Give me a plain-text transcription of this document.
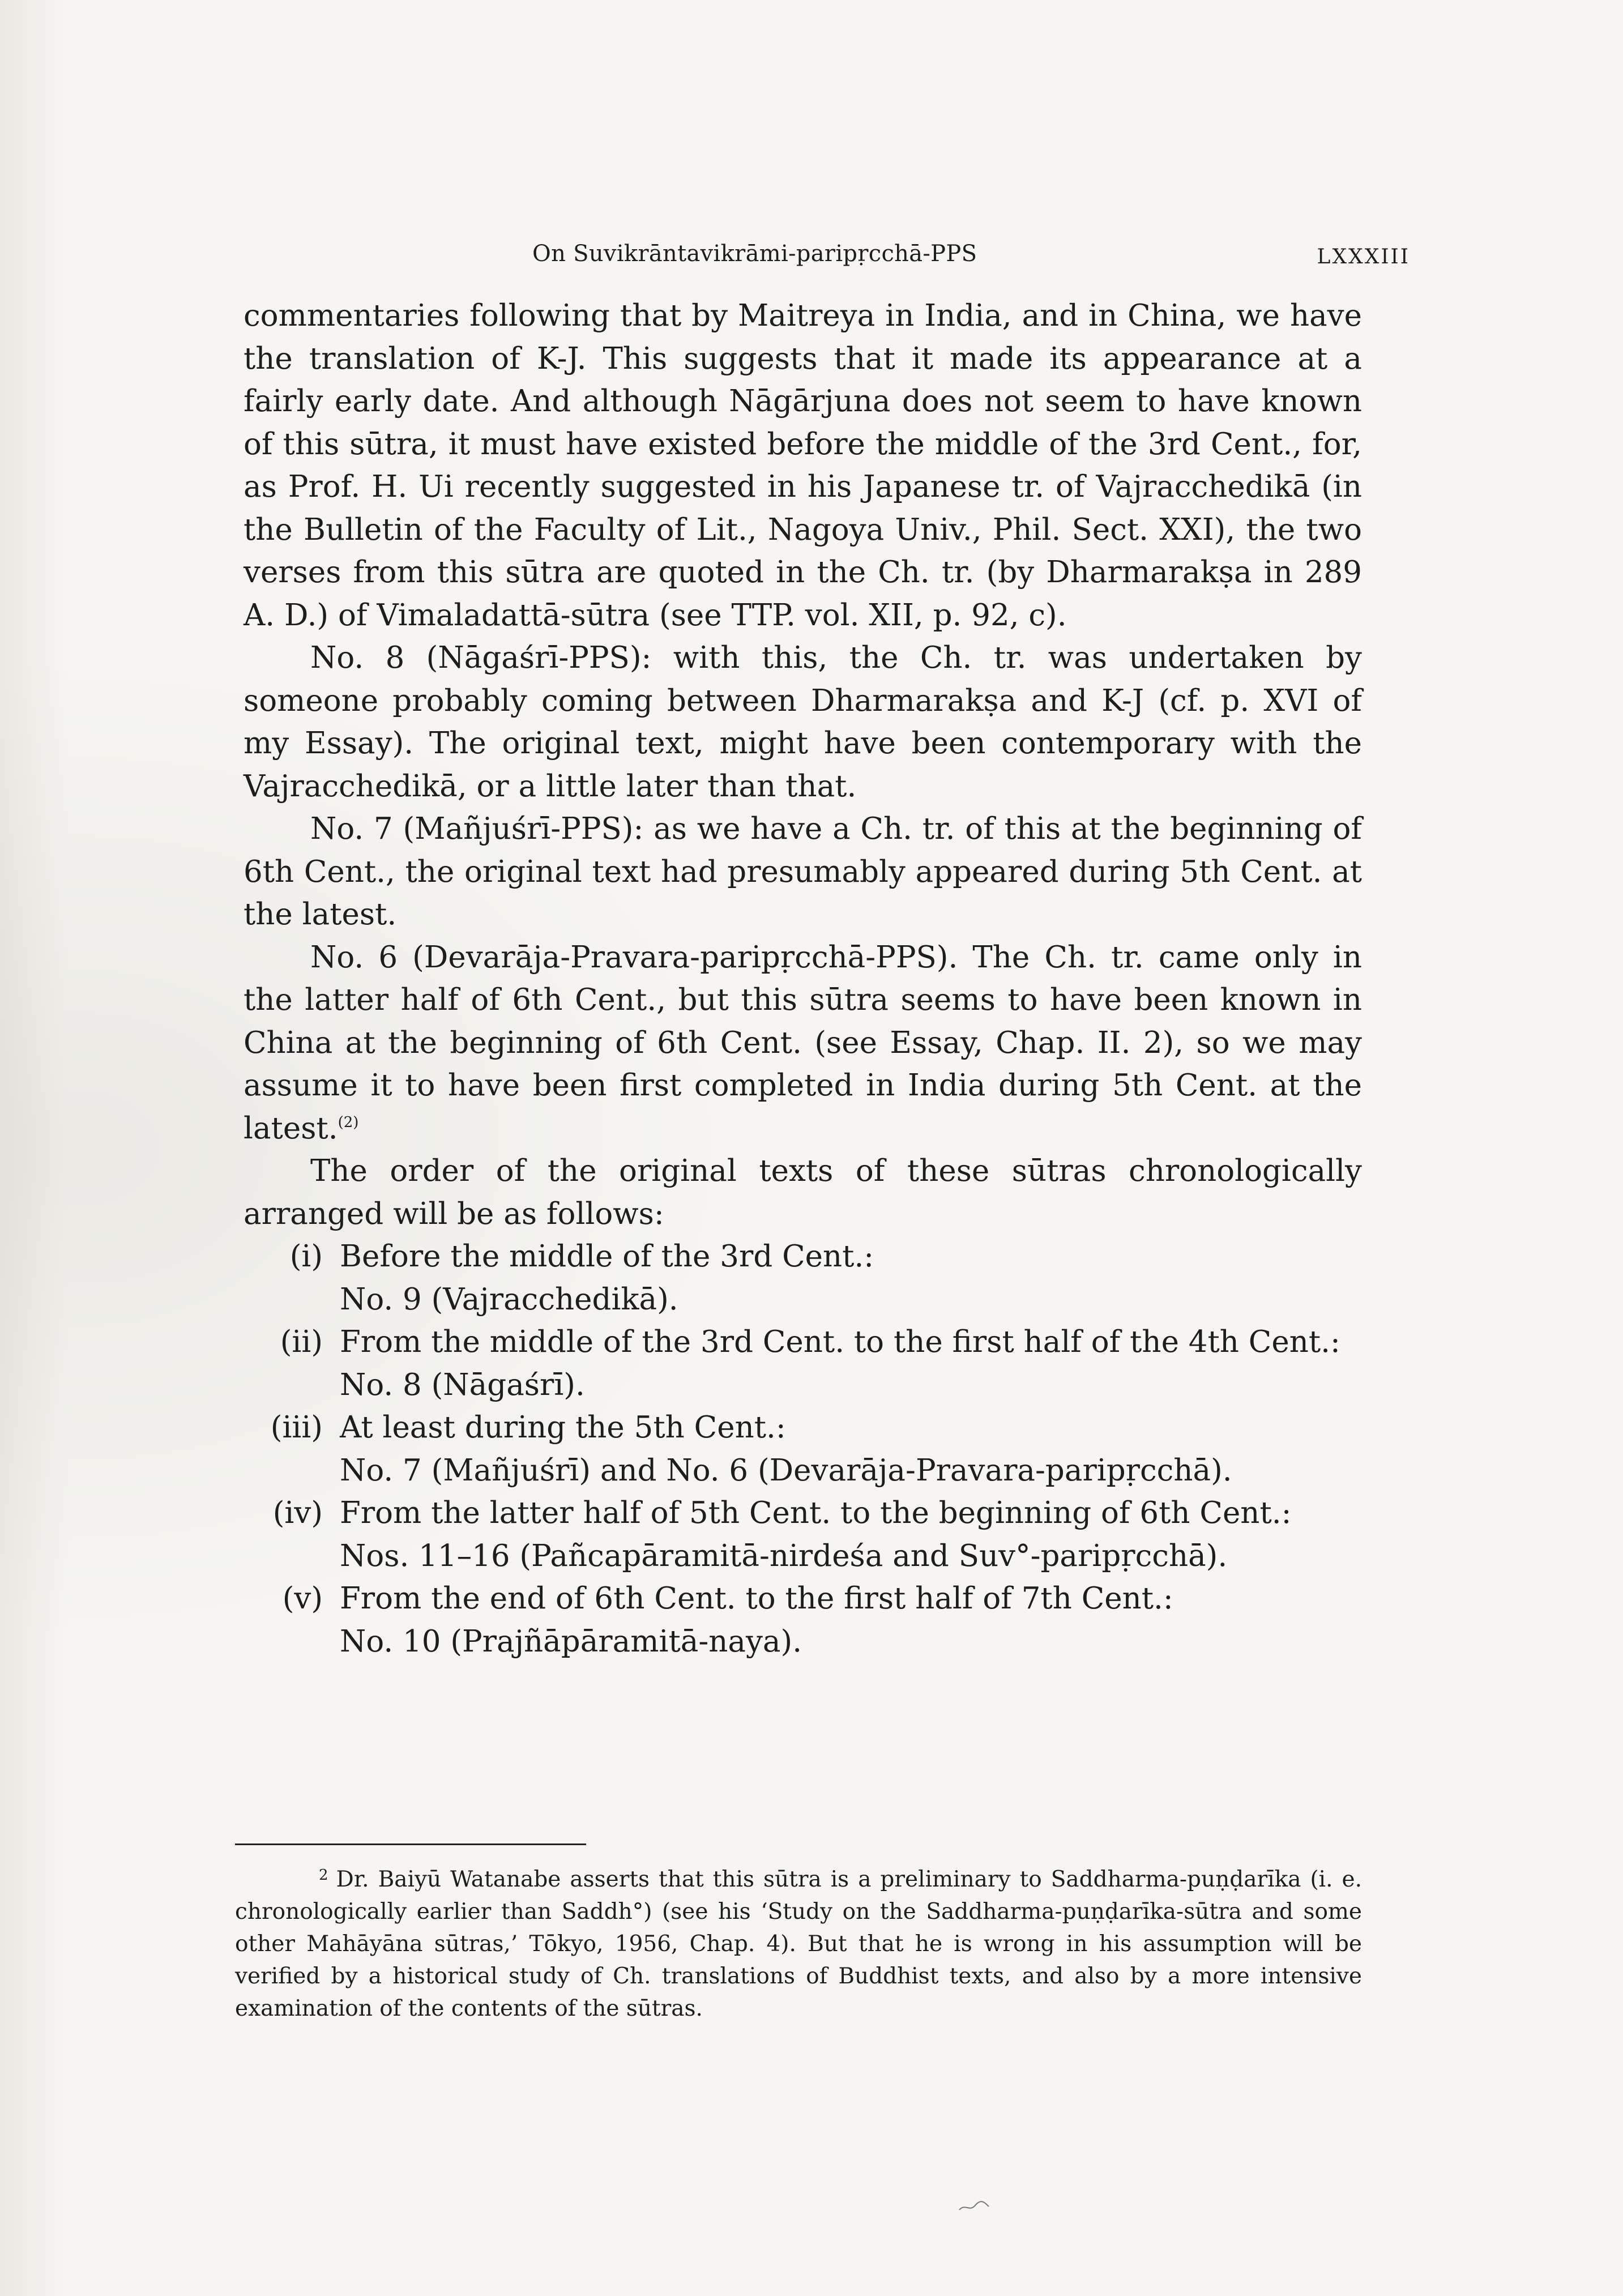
On Suvikrāntavikrāmi-paripṛcchā-PPS	LXXXIII

commentaries following that by Maitreya in India, and in China, we have the translation of K-J. This suggests that it made its appearance at a fairly early date. And although Nāgārjuna does not seem to have known of this sūtra, it must have existed before the middle of the 3rd Cent., for, as Prof. H. Ui recently suggested in his Japanese tr. of Vajracchedikā (in the Bulletin of the Faculty of Lit., Nagoya Univ., Phil. Sect. XXI), the two verses from this sūtra are quoted in the Ch. tr. (by Dharmarakṣa in 289 A. D.) of Vimaladattā-sūtra (see TTP. vol. XII, p. 92, c).

No. 8 (Nāgaśrī-PPS): with this, the Ch. tr. was undertaken by someone probably coming between Dharmarakṣa and K-J (cf. p. XVI of my Essay). The original text, might have been contemporary with the Vajracchedikā, or a little later than that.

No. 7 (Mañjuśrī-PPS): as we have a Ch. tr. of this at the beginning of 6th Cent., the original text had presumably appeared during 5th Cent. at the latest.

No. 6 (Devarāja-Pravara-paripṛcchā-PPS). The Ch. tr. came only in the latter half of 6th Cent., but this sūtra seems to have been known in China at the beginning of 6th Cent. (see Essay, Chap. II. 2), so we may assume it to have been first completed in India during 5th Cent. at the latest.$^{(2)}$

The order of the original texts of these sūtras chronologically arranged will be as follows:

(i) Before the middle of the 3rd Cent.:
No. 9 (Vajracchedikā).
(ii) From the middle of the 3rd Cent. to the first half of the 4th Cent.:
No. 8 (Nāgaśrī).
(iii) At least during the 5th Cent.:
No. 7 (Mañjuśrī) and No. 6 (Devarāja-Pravara-paripṛcchā).
(iv) From the latter half of 5th Cent. to the beginning of 6th Cent.:
Nos. 11–16 (Pañcapāramitā-nirdeśa and Suv°-paripṛcchā).
(v) From the end of 6th Cent. to the first half of 7th Cent.:
No. 10 (Prajñāpāramitā-naya).
$^2$ Dr. Baiyū Watanabe asserts that this sūtra is a preliminary to Saddharma-puṇḍarīka (i. e. chronologically earlier than Saddh°) (see his ‘Study on the Saddharma-puṇḍarīka-sūtra and some other Mahāyāna sūtras,’ Tōkyo, 1956, Chap. 4). But that he is wrong in his assumption will be verified by a historical study of Ch. translations of Buddhist texts, and also by a more intensive examination of the contents of the sūtras.
